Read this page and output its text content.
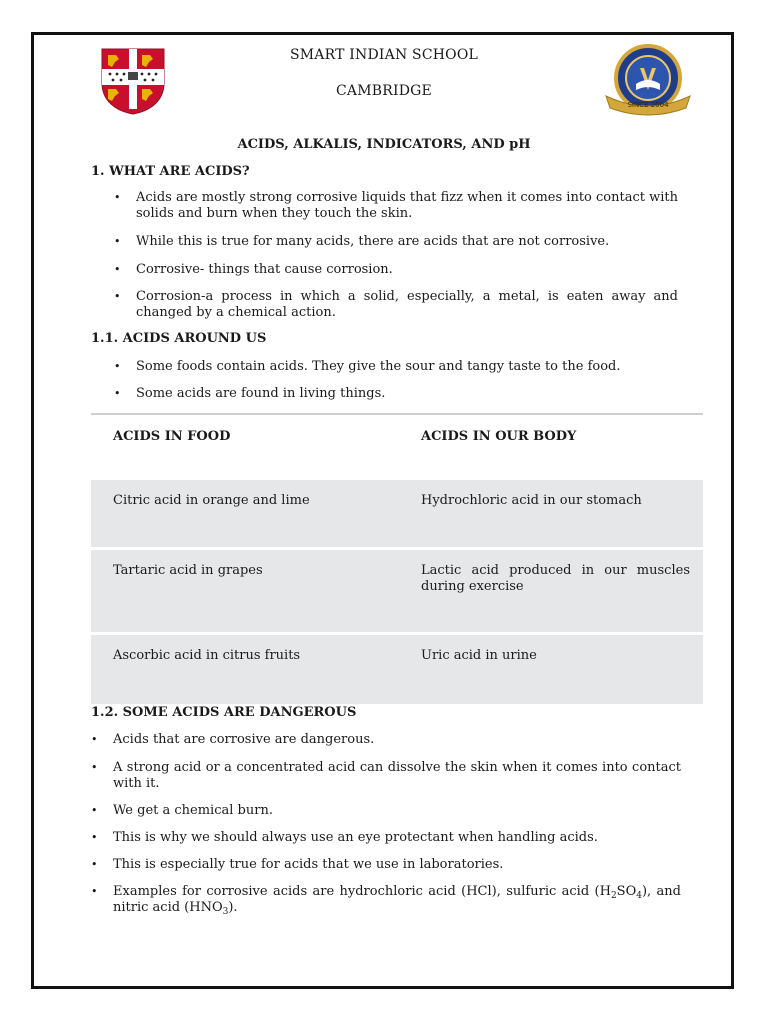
SMART INDIAN SCHOOL
CAMBRIDGE
SINCE 2004
ACIDS, ALKALIS, INDICATORS, AND pH
1. WHAT ARE ACIDS?
• Acids are mostly strong corrosive liquids that fizz when it comes into contact with solids and burn when they touch the skin.
• While this is true for many acids, there are acids that are not corrosive.
• Corrosive- things that cause corrosion.
• Corrosion-a process in which a solid, especially, a metal, is eaten away and changed by a chemical action.
1.1. ACIDS AROUND US
• Some foods contain acids. They give the sour and tangy taste to the food.
• Some acids are found in living things.
ACIDS IN FOOD	ACIDS IN OUR BODY
Citric acid in orange and lime	Hydrochloric acid in our stomach
Tartaric acid in grapes	Lactic acid produced in our muscles during exercise
Ascorbic acid in citrus fruits	Uric acid in urine
1.2. SOME ACIDS ARE DANGEROUS
• Acids that are corrosive are dangerous.
• A strong acid or a concentrated acid can dissolve the skin when it comes into contact with it.
• We get a chemical burn.
• This is why we should always use an eye protectant when handling acids.
• This is especially true for acids that we use in laboratories.
• Examples for corrosive acids are hydrochloric acid (HCl), sulfuric acid $(H_2SO_4)$, and nitric acid $(HNO_3)$.
